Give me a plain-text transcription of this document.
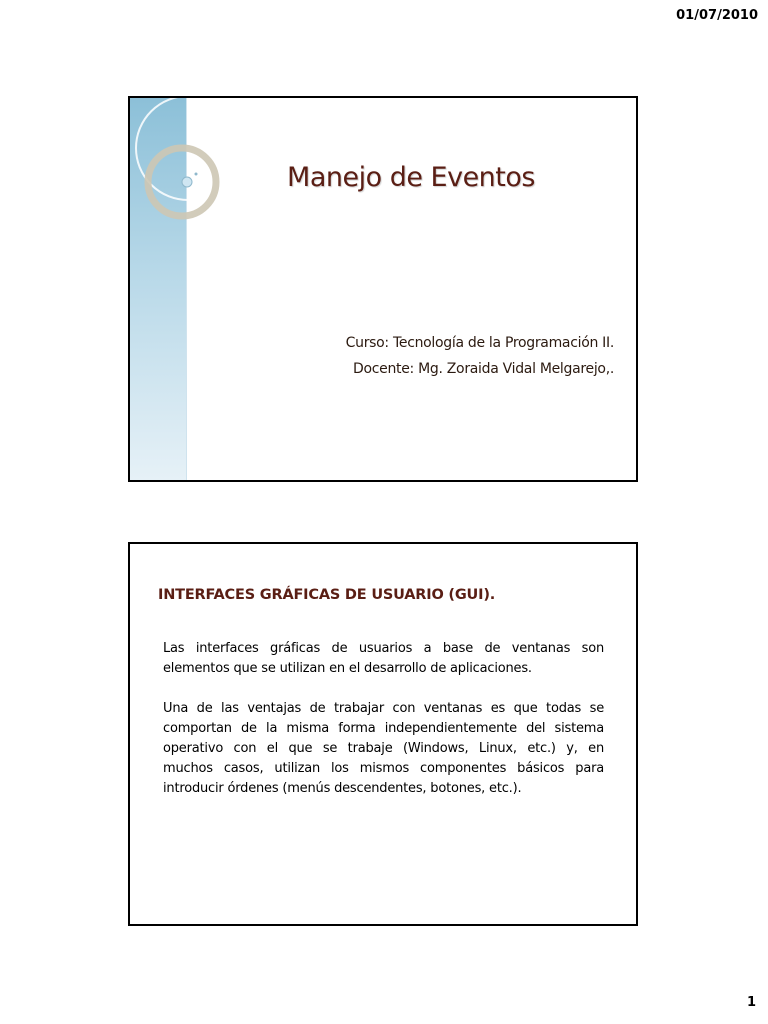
01/07/2010
Manejo de Eventos
Curso: Tecnología de la Programación II.
Docente: Mg. Zoraida Vidal Melgarejo,.
INTERFACES GRÁFICAS DE USUARIO (GUI).

Las interfaces gráficas de usuarios a base de ventanas son
elementos que se utilizan en el desarrollo de aplicaciones.

Una de las ventajas de trabajar con ventanas es que todas se
comportan de la misma forma independientemente del sistema
operativo con el que se trabaje (Windows, Linux, etc.) y, en
muchos casos, utilizan los mismos componentes básicos para
introducir órdenes (menús descendentes, botones, etc.).

1
